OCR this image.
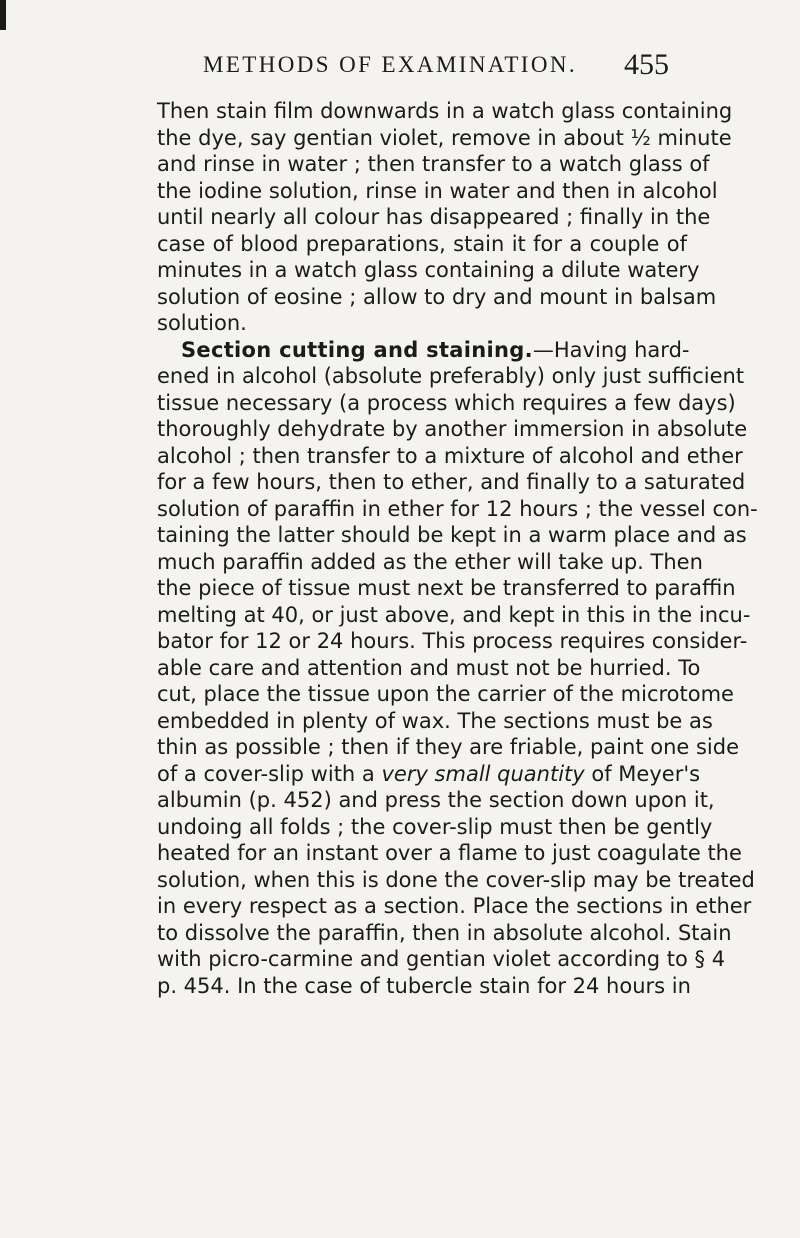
METHODS OF EXAMINATION. 455
Then stain film downwards in a watch glass containing
the dye, say gentian violet, remove in about ½ minute
and rinse in water ; then transfer to a watch glass of
the iodine solution, rinse in water and then in alcohol
until nearly all colour has disappeared ; finally in the
case of blood preparations, stain it for a couple of
minutes in a watch glass containing a dilute watery
solution of eosine ; allow to dry and mount in balsam
solution.
Section cutting and staining.—Having hard-
ened in alcohol (absolute preferably) only just sufficient
tissue necessary (a process which requires a few days)
thoroughly dehydrate by another immersion in absolute
alcohol ; then transfer to a mixture of alcohol and ether
for a few hours, then to ether, and finally to a saturated
solution of paraffin in ether for 12 hours ; the vessel con-
taining the latter should be kept in a warm place and as
much paraffin added as the ether will take up. Then
the piece of tissue must next be transferred to paraffin
melting at 40, or just above, and kept in this in the incu-
bator for 12 or 24 hours. This process requires consider-
able care and attention and must not be hurried. To
cut, place the tissue upon the carrier of the microtome
embedded in plenty of wax. The sections must be as
thin as possible ; then if they are friable, paint one side
of a cover-slip with a very small quantity of Meyer's
albumin (p. 452) and press the section down upon it,
undoing all folds ; the cover-slip must then be gently
heated for an instant over a flame to just coagulate the
solution, when this is done the cover-slip may be treated
in every respect as a section. Place the sections in ether
to dissolve the paraffin, then in absolute alcohol. Stain
with picro-carmine and gentian violet according to § 4
p. 454. In the case of tubercle stain for 24 hours in
